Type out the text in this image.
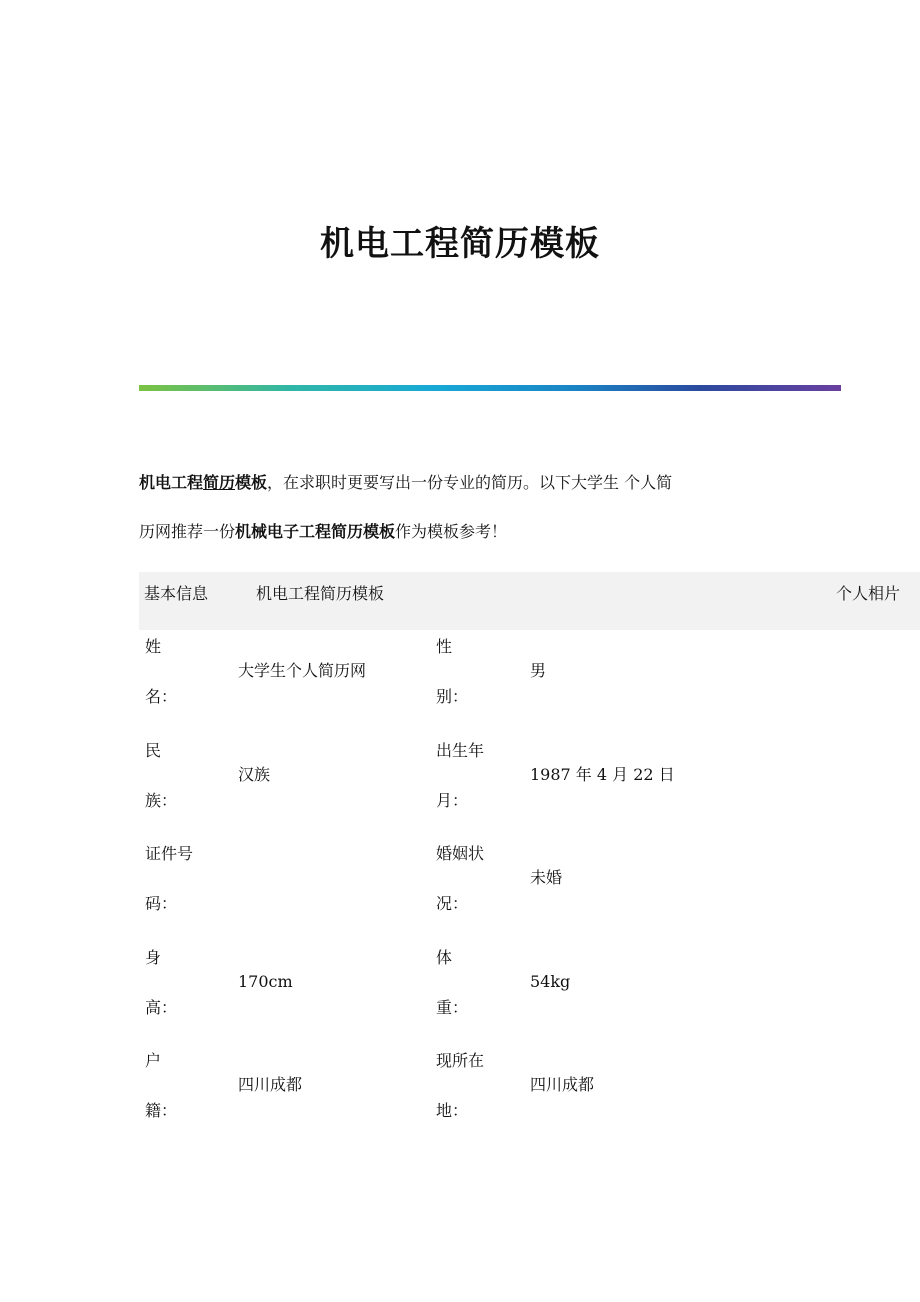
机电工程简历模板
机电工程简历模板，在求职时更要写出一份专业的简历。以下大学生 个人简
历网推荐一份机械电子工程简历模板作为模板参考！
基本信息	机电工程简历模板	个人相片
姓
名：
大学生个人简历网
性
别：
男
民
族：
汉族
出生年
月：
1987 年 4 月 22 日
证件号
码：
婚姻状
况：
未婚
身
高：
170cm
体
重：
54kg
户
籍：
四川成都
现所在
地：
四川成都
